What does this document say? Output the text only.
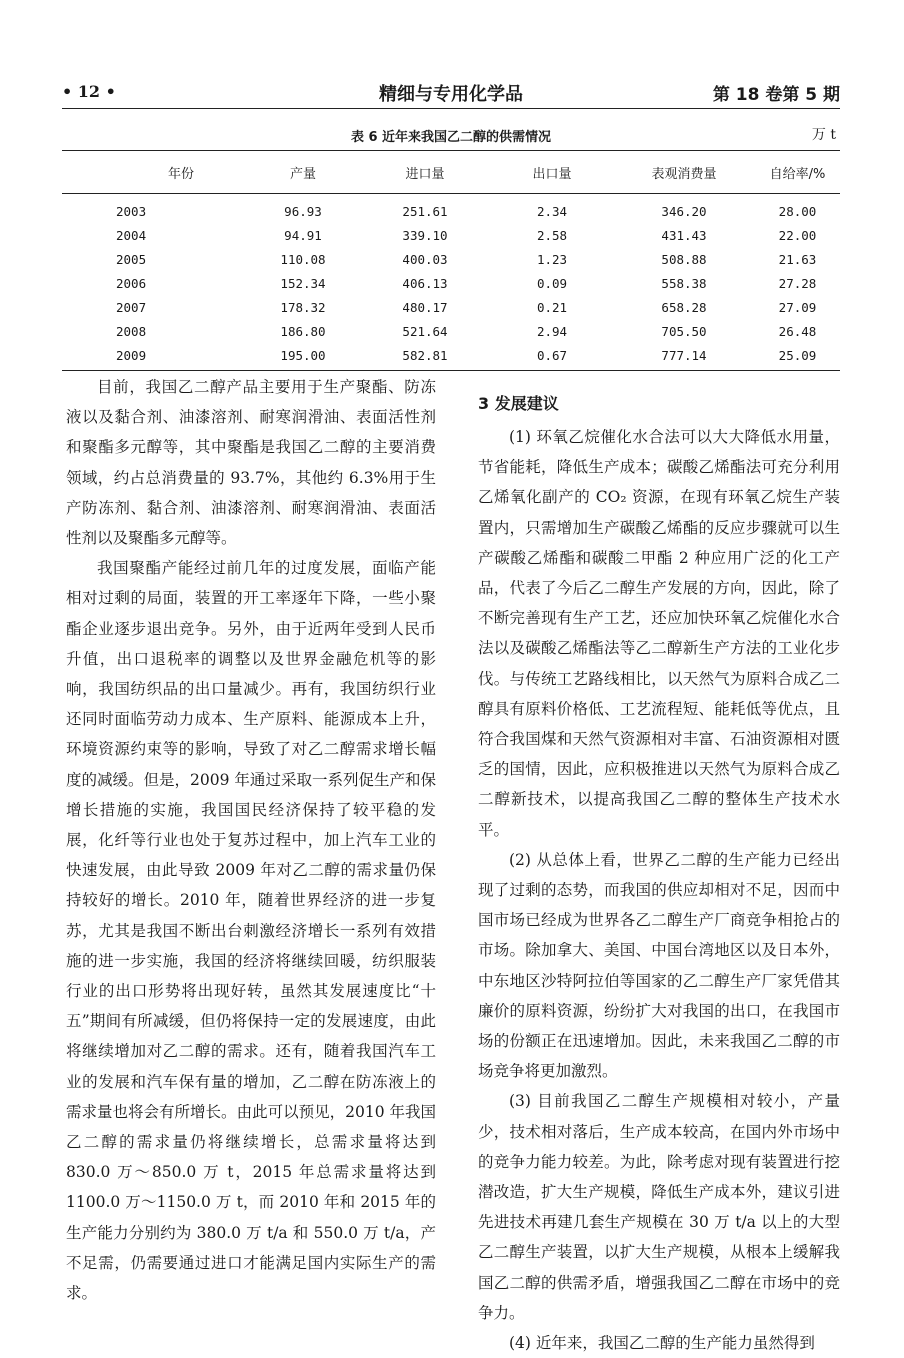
• 12 •	精细与专用化学品	第 18 卷第 5 期
表 6 近年来我国乙二醇的供需情况	万 t
年份	产量	进口量	出口量	表观消费量	自给率/%
2003	96.93	251.61	2.34	346.20	28.00
2004	94.91	339.10	2.58	431.43	22.00
2005	110.08	400.03	1.23	508.88	21.63
2006	152.34	406.13	0.09	558.38	27.28
2007	178.32	480.17	0.21	658.28	27.09
2008	186.80	521.64	2.94	705.50	26.48
2009	195.00	582.81	0.67	777.14	25.09

目前，我国乙二醇产品主要用于生产聚酯、防冻液以及黏合剂、油漆溶剂、耐寒润滑油、表面活性剂和聚酯多元醇等，其中聚酯是我国乙二醇的主要消费领域，约占总消费量的 93.7%，其他约 6.3%用于生产防冻剂、黏合剂、油漆溶剂、耐寒润滑油、表面活性剂以及聚酯多元醇等。

我国聚酯产能经过前几年的过度发展，面临产能相对过剩的局面，装置的开工率逐年下降，一些小聚酯企业逐步退出竞争。另外，由于近两年受到人民币升值，出口退税率的调整以及世界金融危机等的影响，我国纺织品的出口量减少。再有，我国纺织行业还同时面临劳动力成本、生产原料、能源成本上升，环境资源约束等的影响，导致了对乙二醇需求增长幅度的减缓。但是，2009 年通过采取一系列促生产和保增长措施的实施，我国国民经济保持了较平稳的发展，化纤等行业也处于复苏过程中，加上汽车工业的快速发展，由此导致 2009 年对乙二醇的需求量仍保持较好的增长。2010 年，随着世界经济的进一步复苏，尤其是我国不断出台刺激经济增长一系列有效措施的进一步实施，我国的经济将继续回暖，纺织服装行业的出口形势将出现好转，虽然其发展速度比“十五”期间有所减缓，但仍将保持一定的发展速度，由此将继续增加对乙二醇的需求。还有，随着我国汽车工业的发展和汽车保有量的增加，乙二醇在防冻液上的需求量也将会有所增长。由此可以预见，2010 年我国乙二醇的需求量仍将继续增长，总需求量将达到 830.0 万～850.0 万 t，2015 年总需求量将达到 1100.0 万～1150.0 万 t，而 2010 年和 2015 年的生产能力分别约为 380.0 万 t/a 和 550.0 万 t/a，产不足需，仍需要通过进口才能满足国内实际生产的需求。

3 发展建议

(1) 环氧乙烷催化水合法可以大大降低水用量，节省能耗，降低生产成本；碳酸乙烯酯法可充分利用乙烯氧化副产的 CO₂ 资源，在现有环氧乙烷生产装置内，只需增加生产碳酸乙烯酯的反应步骤就可以生产碳酸乙烯酯和碳酸二甲酯 2 种应用广泛的化工产品，代表了今后乙二醇生产发展的方向，因此，除了不断完善现有生产工艺，还应加快环氧乙烷催化水合法以及碳酸乙烯酯法等乙二醇新生产方法的工业化步伐。与传统工艺路线相比，以天然气为原料合成乙二醇具有原料价格低、工艺流程短、能耗低等优点，且符合我国煤和天然气资源相对丰富、石油资源相对匮乏的国情，因此，应积极推进以天然气为原料合成乙二醇新技术，以提高我国乙二醇的整体生产技术水平。

(2) 从总体上看，世界乙二醇的生产能力已经出现了过剩的态势，而我国的供应却相对不足，因而中国市场已经成为世界各乙二醇生产厂商竞争相抢占的市场。除加拿大、美国、中国台湾地区以及日本外，中东地区沙特阿拉伯等国家的乙二醇生产厂家凭借其廉价的原料资源，纷纷扩大对我国的出口，在我国市场的份额正在迅速增加。因此，未来我国乙二醇的市场竞争将更加激烈。

(3) 目前我国乙二醇生产规模相对较小，产量少，技术相对落后，生产成本较高，在国内外市场中的竞争力能力较差。为此，除考虑对现有装置进行挖潜改造，扩大生产规模，降低生产成本外，建议引进先进技术再建几套生产规模在 30 万 t/a 以上的大型乙二醇生产装置，以扩大生产规模，从根本上缓解我国乙二醇的供需矛盾，增强我国乙二醇在市场中的竞争力。

(4) 近年来，我国乙二醇的生产能力虽然得到
